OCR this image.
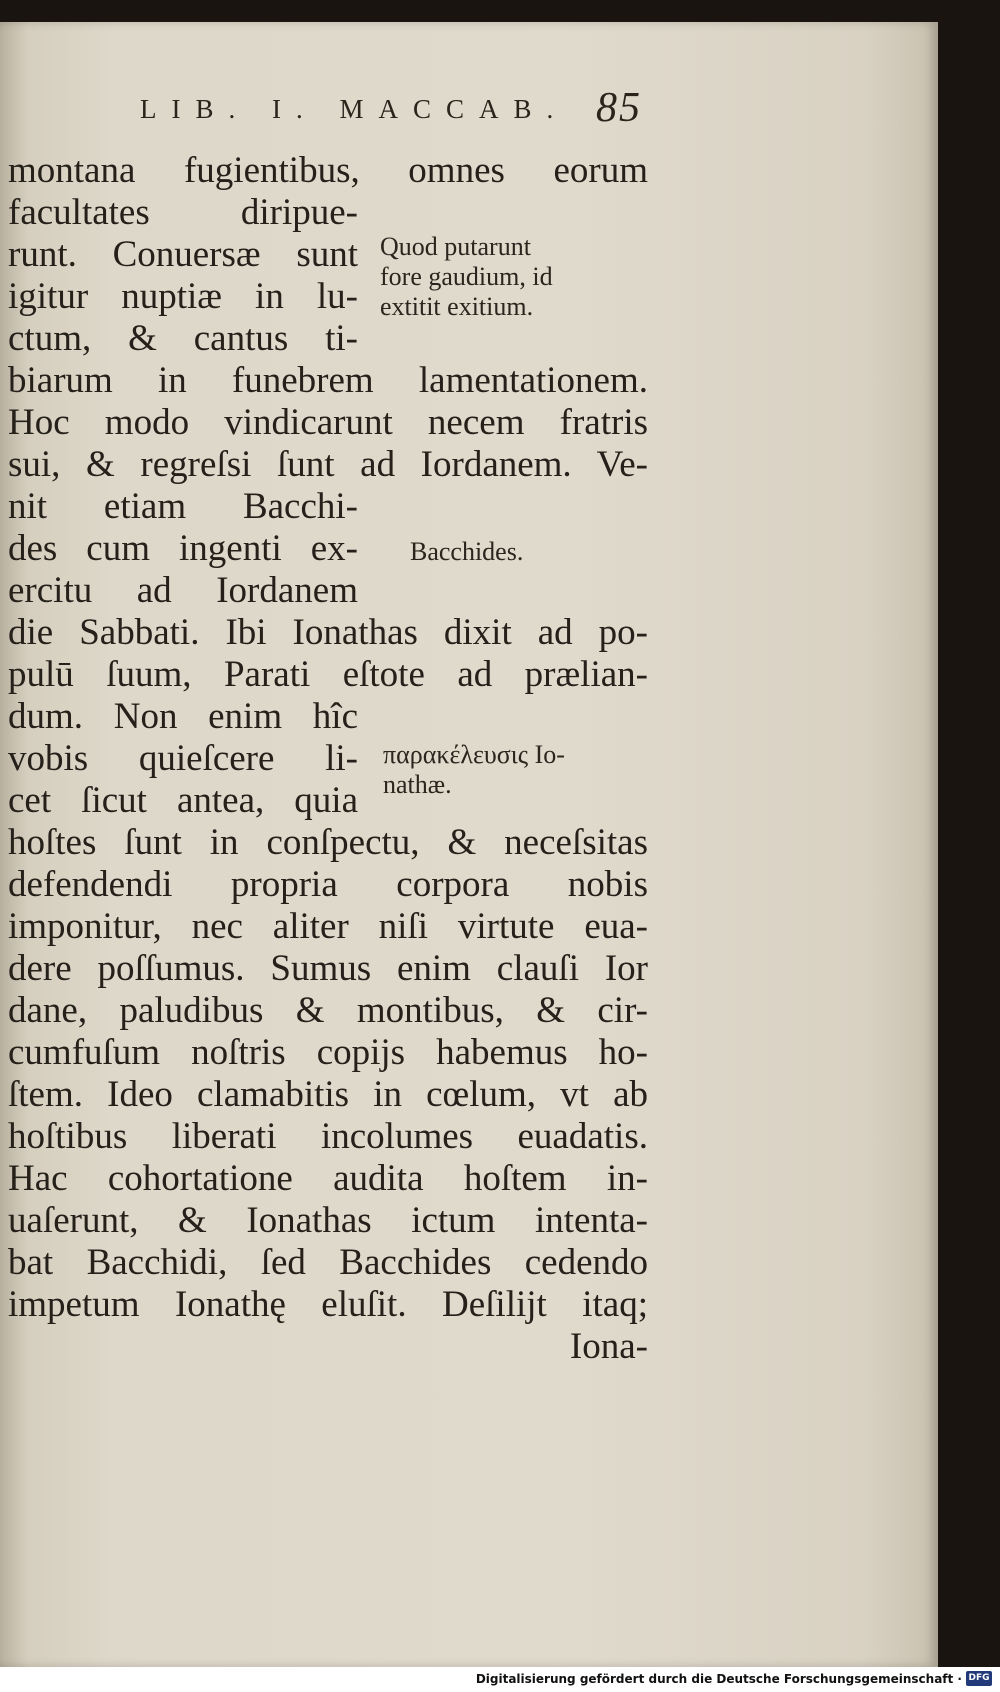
LIB. I. MACCAB. 85
montana fugientibus, omnes eorum
facultates diripue-
runt. Conuersæ sunt
igitur nuptiæ in lu-
ctum, & cantus ti-
biarum in funebrem lamentationem.
Hoc modo vindicarunt necem fratris
sui, & regreſsi ſunt ad Iordanem. Ve-
nit etiam Bacchi-
des cum ingenti ex-
ercitu ad Iordanem
die Sabbati. Ibi Ionathas dixit ad po-
pulū ſuum, Parati eſtote ad prælian-
dum. Non enim hîc
vobis quieſcere li-
cet ſicut antea, quia
hoſtes ſunt in conſpectu, & neceſsitas
defendendi propria corpora nobis
imponitur, nec aliter niſi virtute eua-
dere poſſumus. Sumus enim clauſi Ior
dane, paludibus & montibus, & cir-
cumfuſum noſtris copijs habemus ho-
ſtem. Ideo clamabitis in cœlum, vt ab
hoſtibus liberati incolumes euadatis.
Hac cohortatione audita hoſtem in-
uaſerunt, & Ionathas ictum intenta-
bat Bacchidi, ſed Bacchides cedendo
impetum Ionathę eluſit. Deſilijt itaq;
Iona-
Quod putarunt
fore gaudium, id
extitit exitium.
Bacchides.
παρακέλευσις Io-
nathæ.
Digitalisierung gefördert durch die Deutsche Forschungsgemeinschaft · DFG
